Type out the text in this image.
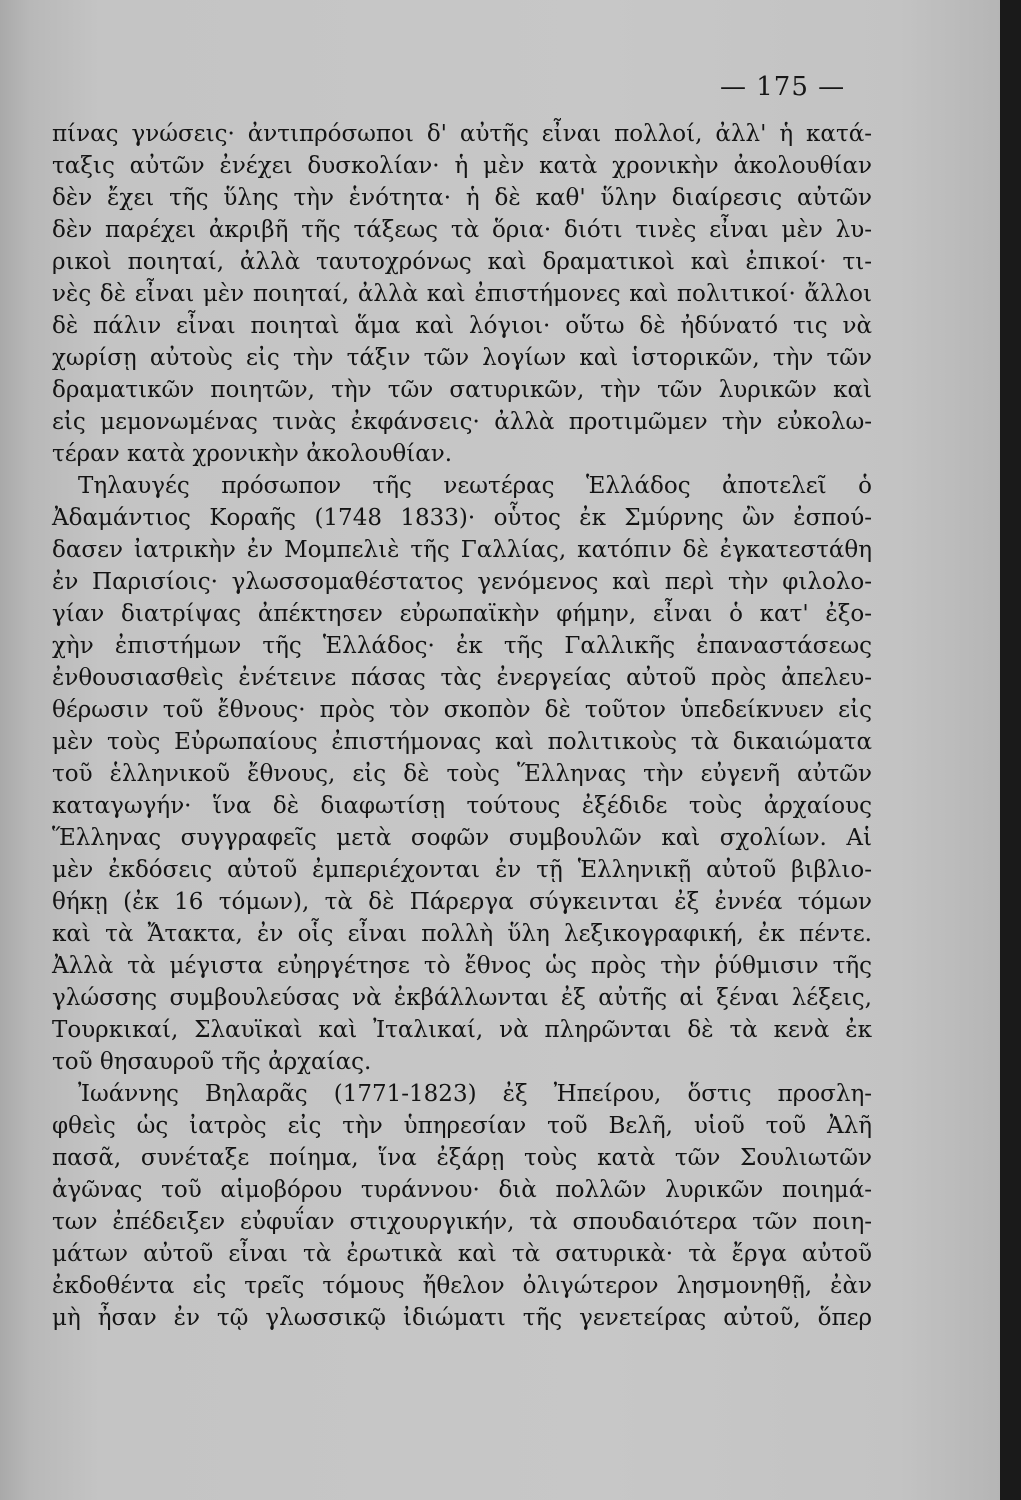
— 175 —
πίνας γνώσεις· ἀντιπρόσωποι δ' αὐτῆς εἶναι πολλοί, ἀλλ' ἡ κατά-
ταξις αὐτῶν ἐνέχει δυσκολίαν· ἡ μὲν κατὰ χρονικὴν ἀκολουθίαν
δὲν ἔχει τῆς ὕλης τὴν ἑνότητα· ἡ δὲ καθ' ὕλην διαίρεσις αὐτῶν
δὲν παρέχει ἀκριβῆ τῆς τάξεως τὰ ὅρια· διότι τινὲς εἶναι μὲν λυ-
ρικοὶ ποιηταί, ἀλλὰ ταυτοχρόνως καὶ δραματικοὶ καὶ ἐπικοί· τι-
νὲς δὲ εἶναι μὲν ποιηταί, ἀλλὰ καὶ ἐπιστήμονες καὶ πολιτικοί· ἄλλοι
δὲ πάλιν εἶναι ποιηταὶ ἅμα καὶ λόγιοι· οὕτω δὲ ἠδύνατό τις νὰ
χωρίσῃ αὐτοὺς εἰς τὴν τάξιν τῶν λογίων καὶ ἱστορικῶν, τὴν τῶν
δραματικῶν ποιητῶν, τὴν τῶν σατυρικῶν, τὴν τῶν λυρικῶν καὶ
εἰς μεμονωμένας τινὰς ἐκφάνσεις· ἀλλὰ προτιμῶμεν τὴν εὐκολω-
τέραν κατὰ χρονικὴν ἀκολουθίαν.
Τηλαυγές πρόσωπον τῆς νεωτέρας Ἑλλάδος ἀποτελεῖ ὁ
Ἀδαμάντιος Κοραῆς (1748 1833)· οὗτος ἐκ Σμύρνης ὢν ἐσπού-
δασεν ἰατρικὴν ἐν Μομπελιὲ τῆς Γαλλίας, κατόπιν δὲ ἐγκατεστάθη
ἐν Παρισίοις· γλωσσομαθέστατος γενόμενος καὶ περὶ τὴν φιλολο-
γίαν διατρίψας ἀπέκτησεν εὐρωπαϊκὴν φήμην, εἶναι ὁ κατ' ἐξο-
χὴν ἐπιστήμων τῆς Ἑλλάδος· ἐκ τῆς Γαλλικῆς ἐπαναστάσεως
ἐνθουσιασθεὶς ἐνέτεινε πάσας τὰς ἐνεργείας αὐτοῦ πρὸς ἀπελευ-
θέρωσιν τοῦ ἔθνους· πρὸς τὸν σκοπὸν δὲ τοῦτον ὑπεδείκνυεν εἰς
μὲν τοὺς Εὐρωπαίους ἐπιστήμονας καὶ πολιτικοὺς τὰ δικαιώματα
τοῦ ἑλληνικοῦ ἔθνους, εἰς δὲ τοὺς Ἕλληνας τὴν εὐγενῆ αὐτῶν
καταγωγήν· ἵνα δὲ διαφωτίσῃ τούτους ἐξέδιδε τοὺς ἀρχαίους
Ἕλληνας συγγραφεῖς μετὰ σοφῶν συμβουλῶν καὶ σχολίων. Αἱ
μὲν ἐκδόσεις αὐτοῦ ἐμπεριέχονται ἐν τῇ Ἑλληνικῇ αὐτοῦ βιβλιο-
θήκῃ (ἐκ 16 τόμων), τὰ δὲ Πάρεργα σύγκεινται ἐξ ἐννέα τόμων
καὶ τὰ Ἄτακτα, ἐν οἷς εἶναι πολλὴ ὕλη λεξικογραφική, ἐκ πέντε.
Ἀλλὰ τὰ μέγιστα εὐηργέτησε τὸ ἔθνος ὡς πρὸς τὴν ῥύθμισιν τῆς
γλώσσης συμβουλεύσας νὰ ἐκβάλλωνται ἐξ αὐτῆς αἱ ξέναι λέξεις,
Τουρκικαί, Σλαυϊκαὶ καὶ Ἰταλικαί, νὰ πληρῶνται δὲ τὰ κενὰ ἐκ
τοῦ θησαυροῦ τῆς ἀρχαίας.
Ἰωάννης Βηλαρᾶς (1771-1823) ἐξ Ἠπείρου, ὅστις προσλη-
φθεὶς ὡς ἰατρὸς εἰς τὴν ὑπηρεσίαν τοῦ Βελῆ, υἱοῦ τοῦ Ἀλῆ
πασᾶ, συνέταξε ποίημα, ἵνα ἐξάρῃ τοὺς κατὰ τῶν Σουλιωτῶν
ἀγῶνας τοῦ αἱμοβόρου τυράννου· διὰ πολλῶν λυρικῶν ποιημά-
των ἐπέδειξεν εὐφυΐαν στιχουργικήν, τὰ σπουδαιότερα τῶν ποιη-
μάτων αὐτοῦ εἶναι τὰ ἐρωτικὰ καὶ τὰ σατυρικὰ· τὰ ἔργα αὐτοῦ
ἐκδοθέντα εἰς τρεῖς τόμους ἤθελον ὀλιγώτερον λησμονηθῇ, ἐὰν
μὴ ἦσαν ἐν τῷ γλωσσικῷ ἰδιώματι τῆς γενετείρας αὐτοῦ, ὅπερ
